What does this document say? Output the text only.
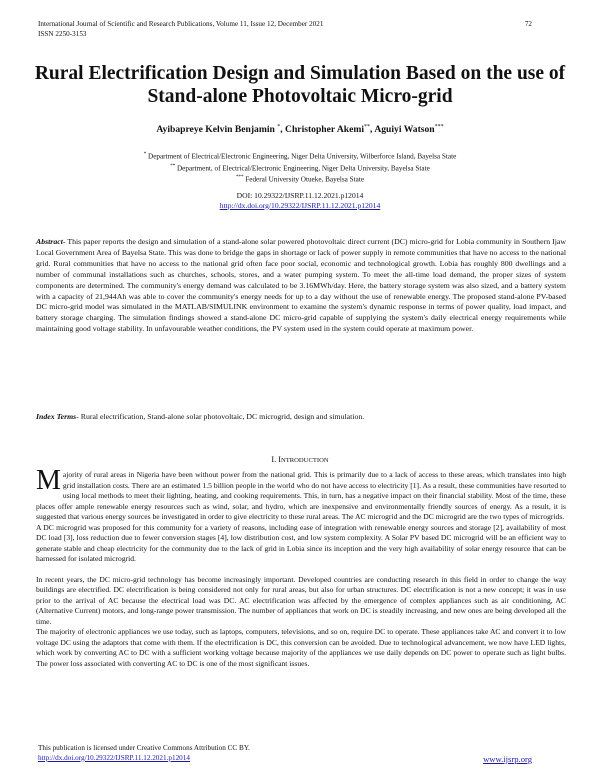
International Journal of Scientific and Research Publications, Volume 11, Issue 12, December 2021
ISSN 2250-3153
72
Rural Electrification Design and Simulation Based on the use of Stand-alone Photovoltaic Micro-grid
Ayibapreye Kelvin Benjamin *, Christopher Akemi**, Aguiyi Watson***
* Department of Electrical/Electronic Engineering, Niger Delta University, Wilberforce Island, Bayelsa State
** Department, of Electrical/Electronic Engineering, Niger Delta University, Bayelsa State
*** Federal University Otueke, Bayelsa State
DOI: 10.29322/IJSRP.11.12.2021.p12014
http://dx.doi.org/10.29322/IJSRP.11.12.2021.p12014
Abstract- This paper reports the design and simulation of a stand-alone solar powered photovoltaic direct current (DC) micro-grid for Lobia community in Southern Ijaw Local Government Area of Bayelsa State. This was done to bridge the gaps in shortage or lack of power supply in remote communities that have no access to the national grid. Rural communities that have no access to the national grid often face poor social, economic and technological growth. Lobia has roughly 800 dwellings and a number of communal installations such as churches, schools, stores, and a water pumping system. To meet the all-time load demand, the proper sizes of system components are determined. The community's energy demand was calculated to be 3.16MWh/day. Here, the battery storage system was also sized, and a battery system with a capacity of 21,944Ah was able to cover the community's energy needs for up to a day without the use of renewable energy. The proposed stand-alone PV-based DC micro-grid model was simulated in the MATLAB/SIMULINK environment to examine the system's dynamic response in terms of power quality, load impact, and battery storage charging. The simulation findings showed a stand-alone DC micro-grid capable of supplying the system's daily electrical energy requirements while maintaining good voltage stability. In unfavourable weather conditions, the PV system used in the system could operate at maximum power.
Index Terms- Rural electrification, Stand-alone solar photovoltaic, DC microgrid, design and simulation.
I. INTRODUCTION

Majority of rural areas in Nigeria have been without power from the national grid. This is primarily due to a lack of access to these areas, which translates into high grid installation costs. There are an estimated 1.5 billion people in the world who do not have access to electricity [1]. As a result, these communities have resorted to using local methods to meet their lighting, heating, and cooking requirements. This, in turn, has a negative impact on their financial stability. Most of the time, these places offer ample renewable energy resources such as wind, solar, and hydro, which are inexpensive and environmentally friendly sources of energy. As a result, it is suggested that various energy sources be investigated in order to give electricity to these rural areas. The AC microgrid and the DC microgrid are the two types of microgrids.

A DC microgrid was proposed for this community for a variety of reasons, including ease of integration with renewable energy sources and storage [2], availability of most DC load [3], loss reduction due to fewer conversion stages [4], low distribution cost, and low system complexity. A Solar PV based DC microgrid will be an efficient way to generate stable and cheap electricity for the community due to the lack of grid in Lobia since its inception and the very high availability of solar energy resource that can be harnessed for isolated microgrid.

In recent years, the DC micro-grid technology has become increasingly important. Developed countries are conducting research in this field in order to change the way buildings are electrified. DC electrification is being considered not only for rural areas, but also for urban structures. DC electrification is not a new concept; it was in use prior to the arrival of AC because the electrical load was DC. AC electrification was affected by the emergence of complex appliances such as air conditioning, AC (Alternative Current) motors, and long-range power transmission. The number of appliances that work on DC is steadily increasing, and new ones are being developed all the time.

The majority of electronic appliances we use today, such as laptops, computers, televisions, and so on, require DC to operate. These appliances take AC and convert it to low voltage DC using the adaptors that come with them. If the electrification is DC, this conversion can be avoided. Due to technological advancement, we now have LED lights, which work by converting AC to DC with a sufficient working voltage because majority of the appliances we use daily depends on DC power to operate such as light bulbs. The power loss associated with converting AC to DC is one of the most significant issues.

This publication is licensed under Creative Commons Attribution CC BY.
http://dx.doi.org/10.29322/IJSRP.11.12.2021.p12014	www.ijsrp.org
